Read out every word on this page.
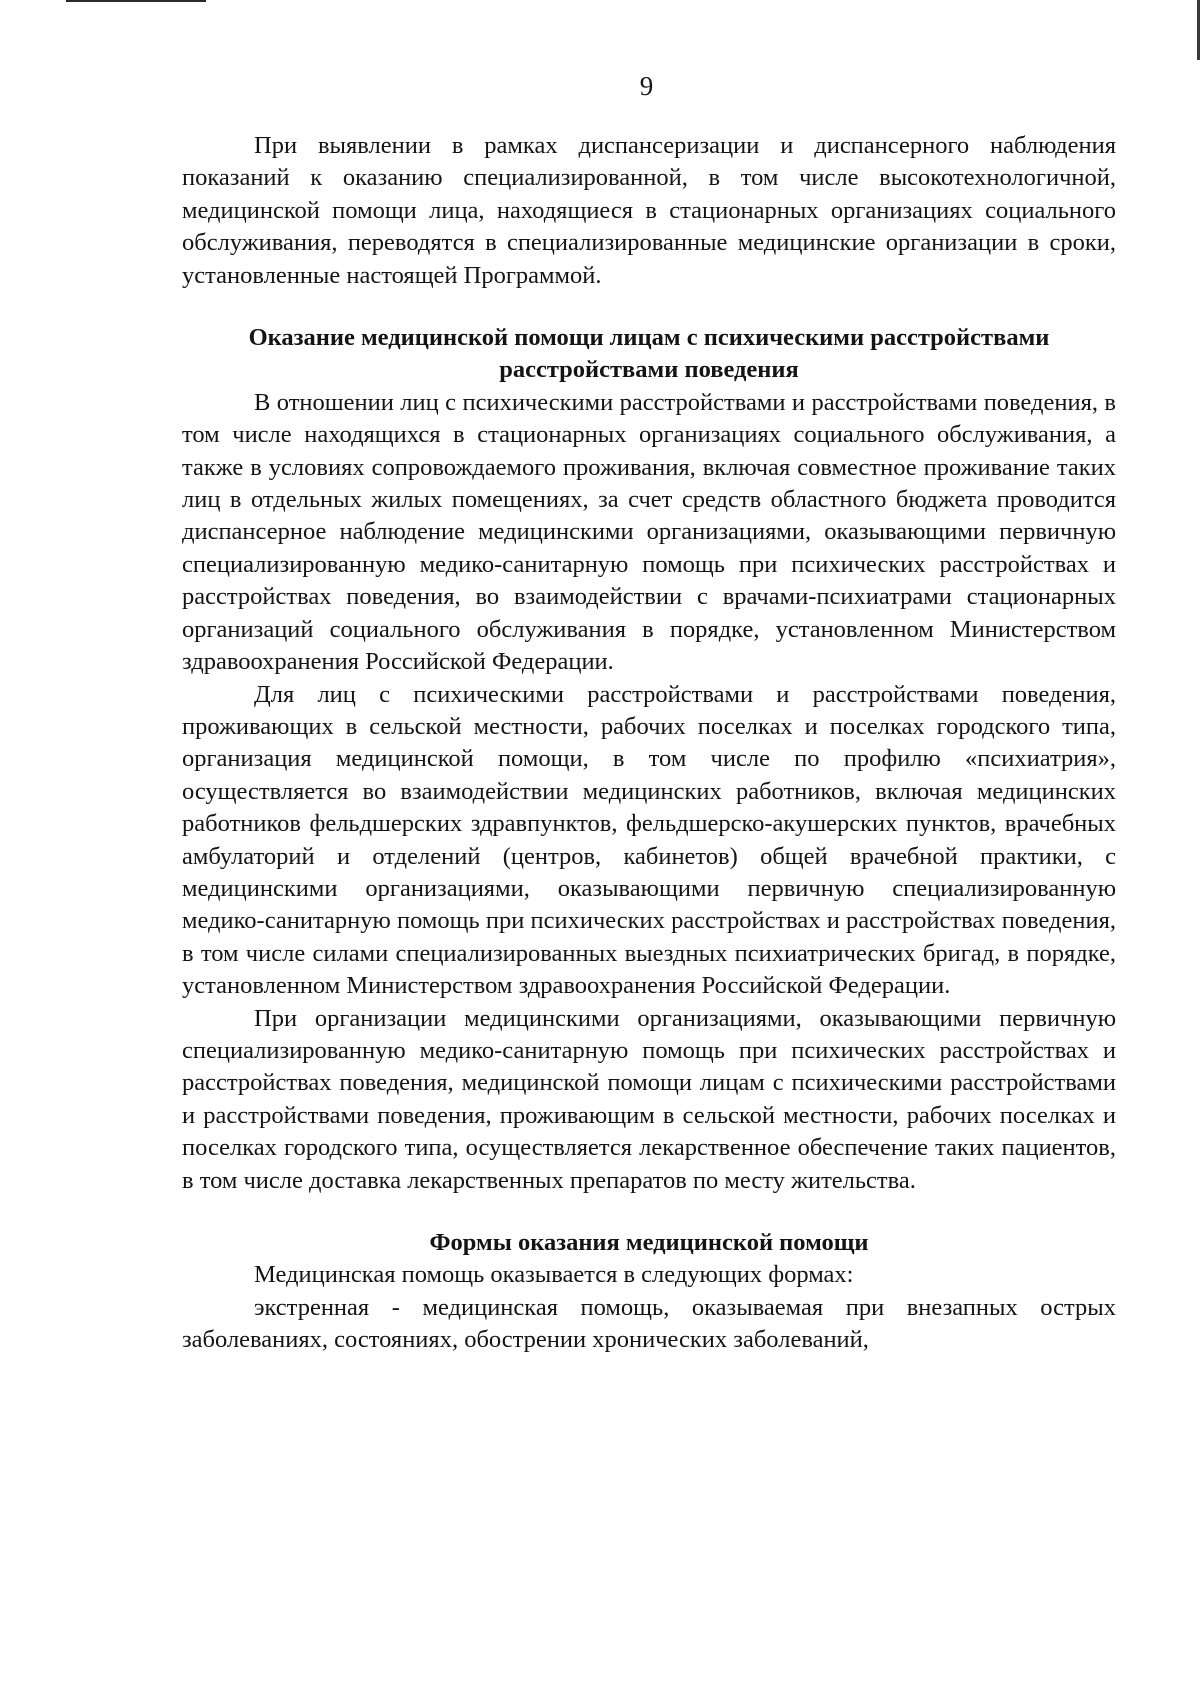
9

При выявлении в рамках диспансеризации и диспансерного наблюдения показаний к оказанию специализированной, в том числе высокотехнологичной, медицинской помощи лица, находящиеся в стационарных организациях социального обслуживания, переводятся в специализированные медицинские организации в сроки, установленные настоящей Программой.

Оказание медицинской помощи лицам с психическими расстройствами расстройствами поведения

В отношении лиц с психическими расстройствами и расстройствами поведения, в том числе находящихся в стационарных организациях социального обслуживания, а также в условиях сопровождаемого проживания, включая совместное проживание таких лиц в отдельных жилых помещениях, за счет средств областного бюджета проводится диспансерное наблюдение медицинскими организациями, оказывающими первичную специализированную медико-санитарную помощь при психических расстройствах и расстройствах поведения, во взаимодействии с врачами-психиатрами стационарных организаций социального обслуживания в порядке, установленном Министерством здравоохранения Российской Федерации.

Для лиц с психическими расстройствами и расстройствами поведения, проживающих в сельской местности, рабочих поселках и поселках городского типа, организация медицинской помощи, в том числе по профилю «психиатрия», осуществляется во взаимодействии медицинских работников, включая медицинских работников фельдшерских здравпунктов, фельдшерско-акушерских пунктов, врачебных амбулаторий и отделений (центров, кабинетов) общей врачебной практики, с медицинскими организациями, оказывающими первичную специализированную медико-санитарную помощь при психических расстройствах и расстройствах поведения, в том числе силами специализированных выездных психиатрических бригад, в порядке, установленном Министерством здравоохранения Российской Федерации.

При организации медицинскими организациями, оказывающими первичную специализированную медико-санитарную помощь при психических расстройствах и расстройствах поведения, медицинской помощи лицам с психическими расстройствами и расстройствами поведения, проживающим в сельской местности, рабочих поселках и поселках городского типа, осуществляется лекарственное обеспечение таких пациентов, в том числе доставка лекарственных препаратов по месту жительства.

Формы оказания медицинской помощи

Медицинская помощь оказывается в следующих формах:

экстренная - медицинская помощь, оказываемая при внезапных острых заболеваниях, состояниях, обострении хронических заболеваний,
